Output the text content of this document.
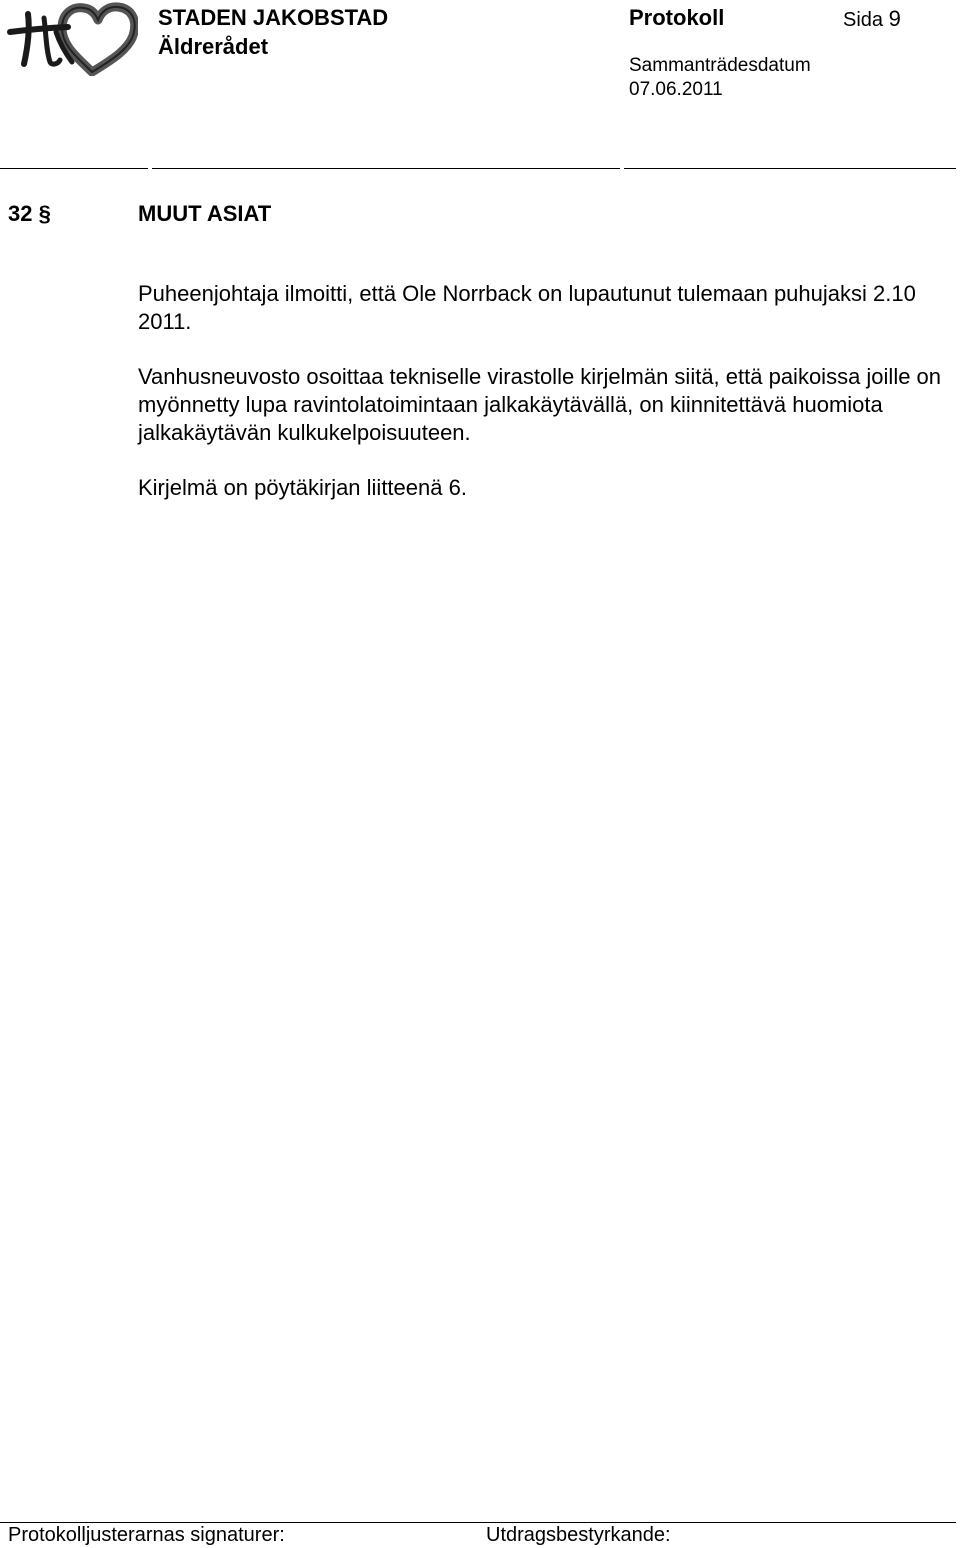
STADEN JAKOBSTAD
Äldrerådet
Protokoll	Sida 9
Sammanträdesdatum
07.06.2011
32 §	MUUT ASIAT
Puheenjohtaja ilmoitti, että Ole Norrback on lupautunut tulemaan puhujaksi 2.10 2011.
Vanhusneuvosto osoittaa tekniselle virastolle kirjelmän siitä, että paikoissa joille on myönnetty lupa ravintolatoimintaan jalkakäytävällä, on kiinnitettävä huomiota jalkakäytävän kulkukelpoisuuteen.
Kirjelmä on pöytäkirjan liitteenä 6.
Protokolljusterarnas signaturer:	Utdragsbestyrkande:
